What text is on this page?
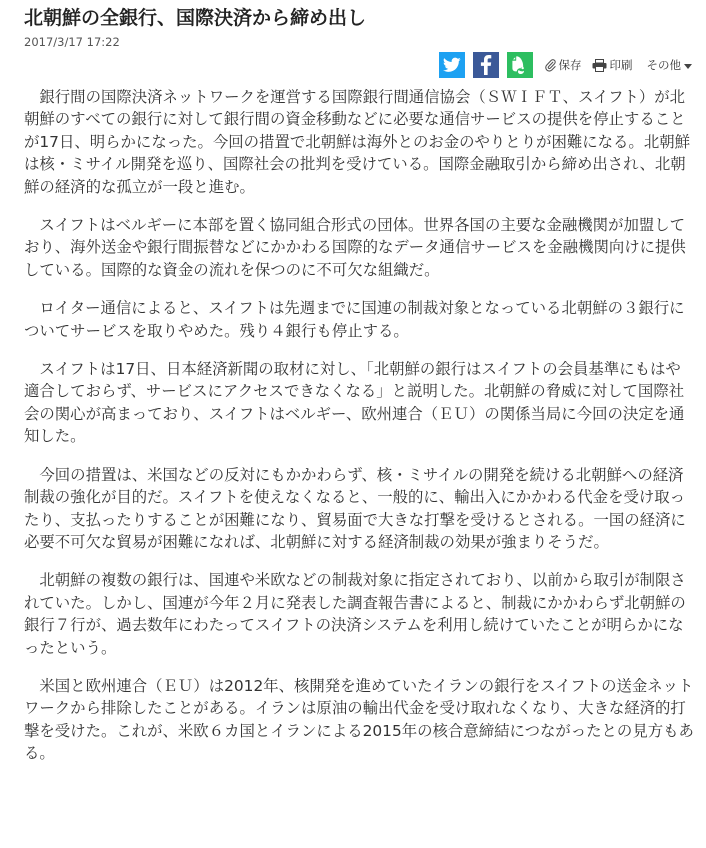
北朝鮮の全銀行、国際決済から締め出し
2017/3/17 17:22
保存 印刷 その他

銀行間の国際決済ネットワークを運営する国際銀行間通信協会（ＳＷＩＦＴ、スイフト）が北朝鮮のすべての銀行に対して銀行間の資金移動などに必要な通信サービスの提供を停止することが17日、明らかになった。今回の措置で北朝鮮は海外とのお金のやりとりが困難になる。北朝鮮は核・ミサイル開発を巡り、国際社会の批判を受けている。国際金融取引から締め出され、北朝鮮の経済的な孤立が一段と進む。

スイフトはベルギーに本部を置く協同組合形式の団体。世界各国の主要な金融機関が加盟しており、海外送金や銀行間振替などにかかわる国際的なデータ通信サービスを金融機関向けに提供している。国際的な資金の流れを保つのに不可欠な組織だ。

ロイター通信によると、スイフトは先週までに国連の制裁対象となっている北朝鮮の３銀行についてサービスを取りやめた。残り４銀行も停止する。

スイフトは17日、日本経済新聞の取材に対し、「北朝鮮の銀行はスイフトの会員基準にもはや適合しておらず、サービスにアクセスできなくなる」と説明した。北朝鮮の脅威に対して国際社会の関心が高まっており、スイフトはベルギー、欧州連合（ＥＵ）の関係当局に今回の決定を通知した。

今回の措置は、米国などの反対にもかかわらず、核・ミサイルの開発を続ける北朝鮮への経済制裁の強化が目的だ。スイフトを使えなくなると、一般的に、輸出入にかかわる代金を受け取ったり、支払ったりすることが困難になり、貿易面で大きな打撃を受けるとされる。一国の経済に必要不可欠な貿易が困難になれば、北朝鮮に対する経済制裁の効果が強まりそうだ。

北朝鮮の複数の銀行は、国連や米欧などの制裁対象に指定されており、以前から取引が制限されていた。しかし、国連が今年２月に発表した調査報告書によると、制裁にかかわらず北朝鮮の銀行７行が、過去数年にわたってスイフトの決済システムを利用し続けていたことが明らかになったという。

米国と欧州連合（ＥＵ）は2012年、核開発を進めていたイランの銀行をスイフトの送金ネットワークから排除したことがある。イランは原油の輸出代金を受け取れなくなり、大きな経済的打撃を受けた。これが、米欧６カ国とイランによる2015年の核合意締結につながったとの見方もある。
